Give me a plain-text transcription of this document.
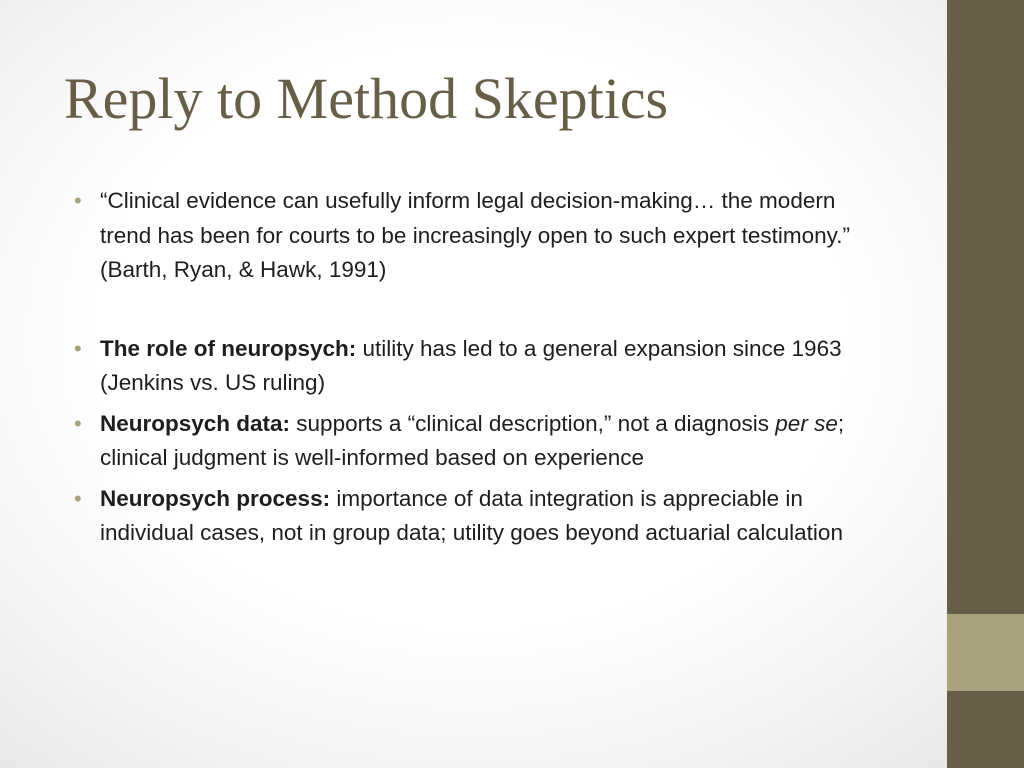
Reply to Method Skeptics
• “Clinical evidence can usefully inform legal decision-making… the modern trend has been for courts to be increasingly open to such expert testimony.” (Barth, Ryan, & Hawk, 1991)
• The role of neuropsych: utility has led to a general expansion since 1963 (Jenkins vs. US ruling)
• Neuropsych data: supports a “clinical description,” not a diagnosis per se; clinical judgment is well-informed based on experience
• Neuropsych process: importance of data integration is appreciable in individual cases, not in group data; utility goes beyond actuarial calculation
